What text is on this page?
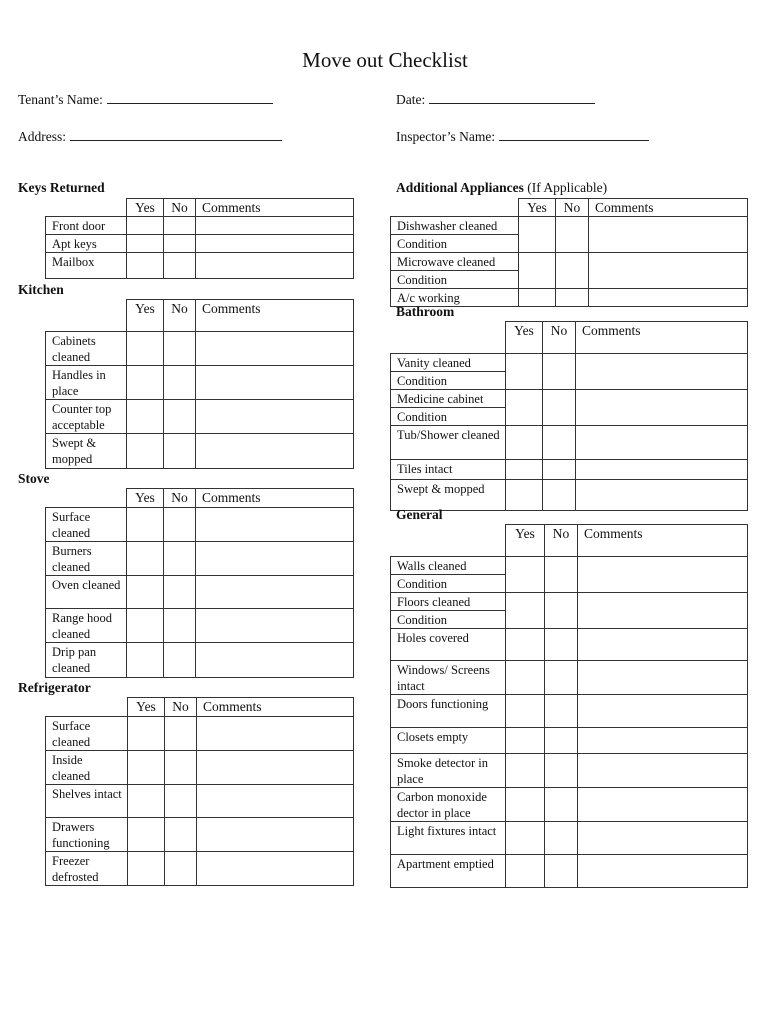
Move out Checklist
Tenant’s Name:	Date:
Address:	Inspector’s Name:
Keys Returned
	Yes	No	Comments
Front door			
Apt keys			
Mailbox			
Kitchen
	Yes	No	Comments
Cabinets cleaned			
Handles in place			
Counter top acceptable			
Swept & mopped			
Stove
	Yes	No	Comments
Surface cleaned			
Burners cleaned			
Oven cleaned			
Range hood cleaned			
Drip pan cleaned			
Refrigerator
	Yes	No	Comments
Surface cleaned			
Inside cleaned			
Shelves intact			
Drawers functioning			
Freezer defrosted			
Additional Appliances (If Applicable)
	Yes	No	Comments
Dishwasher cleaned			
Condition			
Microwave cleaned			
Condition			
A/c working			
Bathroom
	Yes	No	Comments
Vanity cleaned			
Condition			
Medicine cabinet			
Condition			
Tub/Shower cleaned			
Tiles intact			
Swept & mopped			
General
	Yes	No	Comments
Walls cleaned			
Condition			
Floors cleaned			
Condition			
Holes covered			
Windows/ Screens intact			
Doors functioning			
Closets empty			
Smoke detector in place			
Carbon monoxide dector in place			
Light fixtures intact			
Apartment emptied			
